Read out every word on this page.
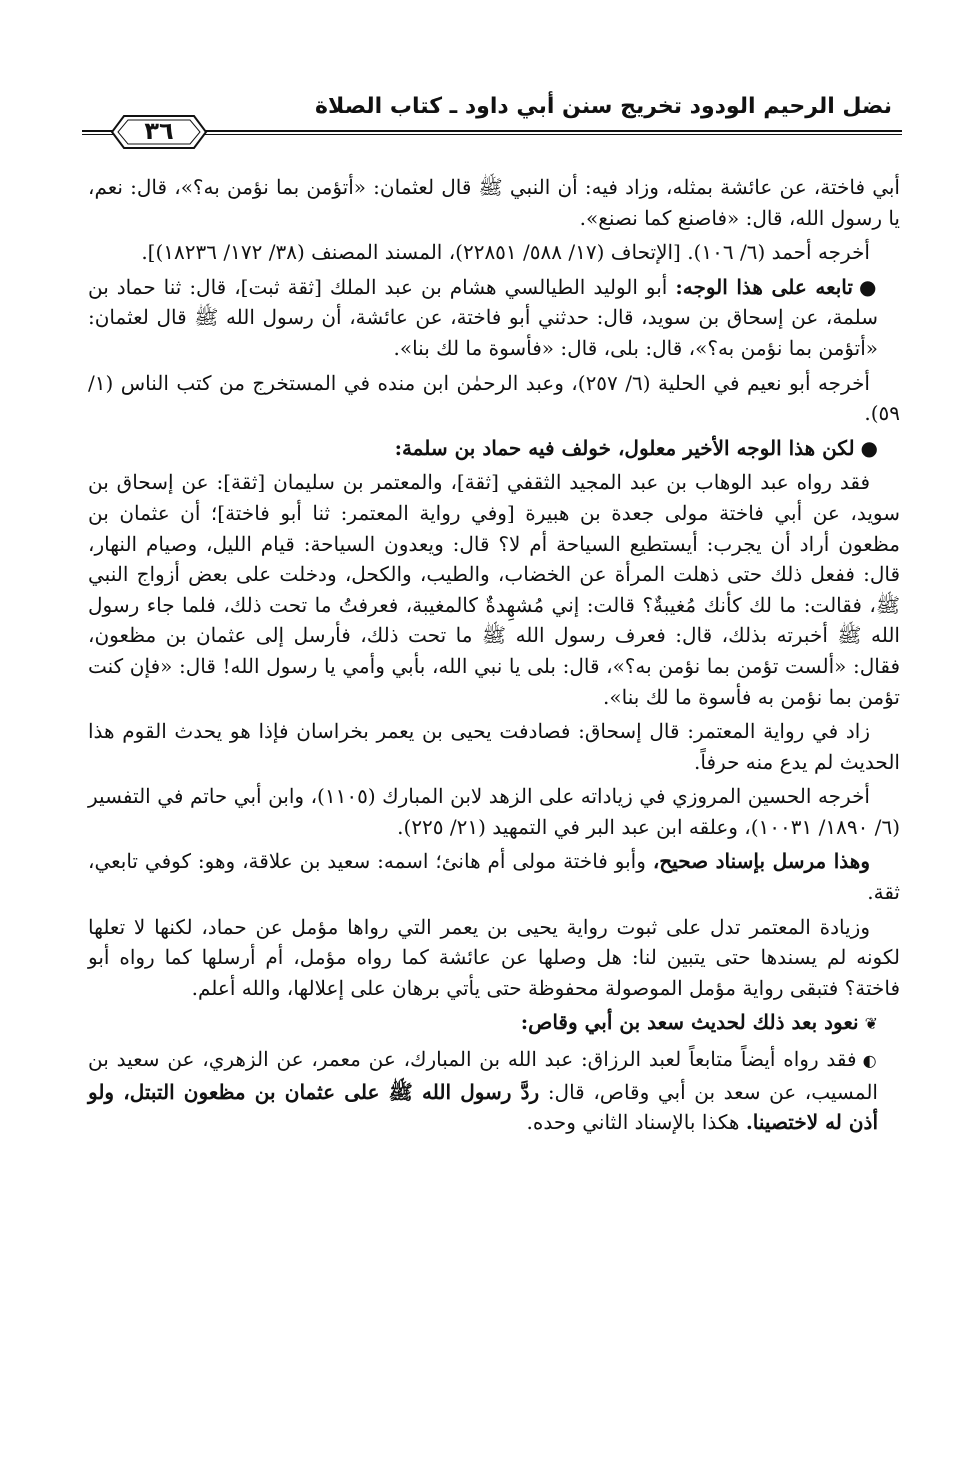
نضل الرحيم الودود تخريج سنن أبي داود ـ كتاب الصلاة
٣٦

أبي فاختة، عن عائشة بمثله، وزاد فيه: أن النبي ﷺ قال لعثمان: «أتؤمن بما نؤمن به؟»، قال: نعم، يا رسول الله، قال: «فاصنع كما نصنع».

أخرجه أحمد (٦/ ١٠٦). [الإتحاف (١٧/ ٥٨٨/ ٢٢٨٥١)، المسند المصنف (٣٨/ ١٧٢/ ١٨٢٣٦)].

●تابعه على هذا الوجه: أبو الوليد الطيالسي هشام بن عبد الملك [ثقة ثبت]، قال: ثنا حماد بن سلمة، عن إسحاق بن سويد، قال: حدثني أبو فاختة، عن عائشة، أن رسول الله ﷺ قال لعثمان: «أتؤمن بما نؤمن به؟»، قال: بلى، قال: «فأسوة ما لك بنا».

أخرجه أبو نعيم في الحلية (٦/ ٢٥٧)، وعبد الرحمٰن ابن منده في المستخرج من كتب الناس (١/ ٥٩).

●لكن هذا الوجه الأخير معلول، خولف فيه حماد بن سلمة:

فقد رواه عبد الوهاب بن عبد المجيد الثقفي [ثقة]، والمعتمر بن سليمان [ثقة]: عن إسحاق بن سويد، عن أبي فاختة مولى جعدة بن هبيرة [وفي رواية المعتمر: ثنا أبو فاختة]؛ أن عثمان بن مظعون أراد أن يجرب: أيستطيع السياحة أم لا؟ قال: ويعدون السياحة: قيام الليل، وصيام النهار، قال: ففعل ذلك حتى ذهلت المرأة عن الخضاب، والطيب، والكحل، ودخلت على بعض أزواج النبي ﷺ، فقالت: ما لك كأنك مُغيبةٌ؟ قالت: إني مُشهِدةٌ كالمغيبة، فعرفتُ ما تحت ذلك، فلما جاء رسول الله ﷺ أخبرته بذلك، قال: فعرف رسول الله ﷺ ما تحت ذلك، فأرسل إلى عثمان بن مظعون، فقال: «ألست تؤمن بما نؤمن به؟»، قال: بلى يا نبي الله، بأبي وأمي يا رسول الله! قال: «فإن كنت تؤمن بما نؤمن به فأسوة ما لك بنا».

زاد في رواية المعتمر: قال إسحاق: فصادفت يحيى بن يعمر بخراسان فإذا هو يحدث القوم هذا الحديث لم يدع منه حرفاً.

أخرجه الحسين المروزي في زياداته على الزهد لابن المبارك (١١٠٥)، وابن أبي حاتم في التفسير (٦/ ١٨٩٠/ ١٠٠٣١)، وعلقه ابن عبد البر في التمهيد (٢١/ ٢٢٥).

وهذا مرسل بإسناد صحيح، وأبو فاختة مولى أم هانئ؛ اسمه: سعيد بن علاقة، وهو: كوفي تابعي، ثقة.

وزيادة المعتمر تدل على ثبوت رواية يحيى بن يعمر التي رواها مؤمل عن حماد، لكنها لا تعلها لكونه لم يسندها حتى يتبين لنا: هل وصلها عن عائشة كما رواه مؤمل، أم أرسلها كما رواه أبو فاختة؟ فتبقى رواية مؤمل الموصولة محفوظة حتى يأتي برهان على إعلالها، والله أعلم.

❦نعود بعد ذلك لحديث سعد بن أبي وقاص:

◐فقد رواه أيضاً متابعاً لعبد الرزاق: عبد الله بن المبارك، عن معمر، عن الزهري، عن سعيد بن المسيب، عن سعد بن أبي وقاص، قال: ردَّ رسول الله ﷺ على عثمان بن مظعون التبتل، ولو أذن له لاختصينا. هكذا بالإسناد الثاني وحده.
